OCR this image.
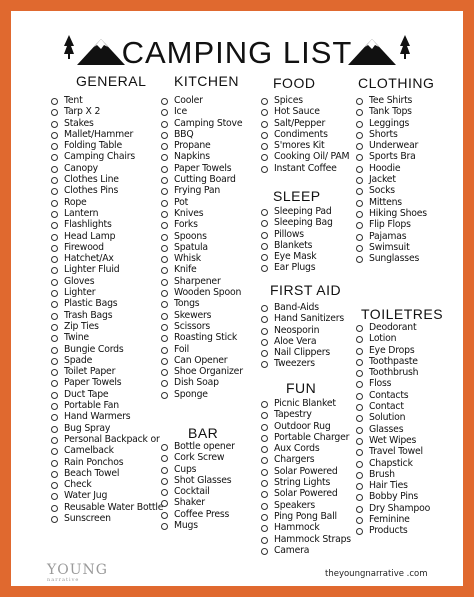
CAMPING LIST
GENERAL
Tent
Tarp X 2
Stakes
Mallet/Hammer
Folding Table
Camping Chairs
Canopy
Clothes Line
Clothes Pins
Rope
Lantern
Flashlights
Head Lamp
Firewood
Hatchet/Ax
Lighter Fluid
Gloves
Lighter
Plastic Bags
Trash Bags
Zip Ties
Twine
Bungie Cords
Spade
Toilet Paper
Paper Towels
Duct Tape
Portable Fan
Hand Warmers
Bug Spray
Personal Backpack or
Camelback
Rain Ponchos
Beach Towel
Check
Water Jug
Reusable Water Bottle
Sunscreen
KITCHEN
Cooler
Ice
Camping Stove
BBQ
Propane
Napkins
Paper Towels
Cutting Board
Frying Pan
Pot
Knives
Forks
Spoons
Spatula
Whisk
Knife
Sharpener
Wooden Spoon
Tongs
Skewers
Scissors
Roasting Stick
Foil
Can Opener
Shoe Organizer
Dish Soap
Sponge
BAR
Bottle opener
Cork Screw
Cups
Shot Glasses
Cocktail
Shaker
Coffee Press
Mugs
FOOD
Spices
Hot Sauce
Salt/Pepper
Condiments
S'mores Kit
Cooking Oil/ PAM
Instant Coffee
SLEEP
Sleeping Pad
Sleeping Bag
Pillows
Blankets
Eye Mask
Ear Plugs
FIRST AID
Band-Aids
Hand Sanitizers
Neosporin
Aloe Vera
Nail Clippers
Tweezers
FUN
Picnic Blanket
Tapestry
Outdoor Rug
Portable Charger
Aux Cords
Chargers
Solar Powered
String Lights
Solar Powered
Speakers
Ping Pong Ball
Hammock
Hammock Straps
Camera
CLOTHING
Tee Shirts
Tank Tops
Leggings
Shorts
Underwear
Sports Bra
Hoodie
Jacket
Socks
Mittens
Hiking Shoes
Flip Flops
Pajamas
Swimsuit
Sunglasses
TOILETRES
Deodorant
Lotion
Eye Drops
Toothpaste
Toothbrush
Floss
Contacts
Contact
Solution
Glasses
Wet Wipes
Travel Towel
Chapstick
Brush
Hair Ties
Bobby Pins
Dry Shampoo
Feminine
Products
YOUNG
narrative
theyoungnarrative .com
